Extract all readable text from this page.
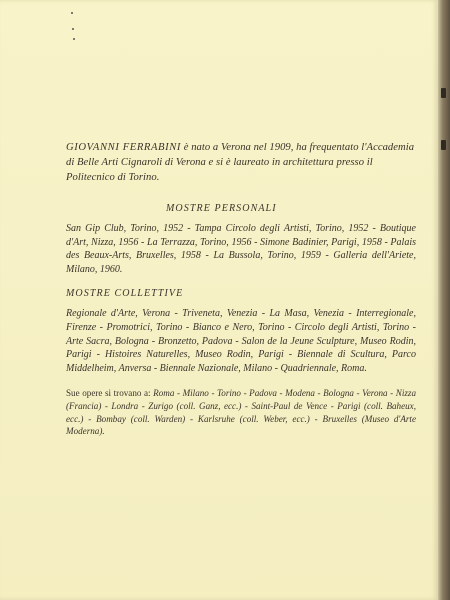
GIOVANNI FERRABINI è nato a Verona nel 1909, ha frequentato l'Accademia di Belle Arti Cignaroli di Verona e si è laureato in architettura presso il Politecnico di Torino.

MOSTRE PERSONALI

San Gip Club, Torino, 1952 - Tampa Circolo degli Artisti, Torino, 1952 - Boutique d'Art, Nizza, 1956 - La Terrazza, Torino, 1956 - Simone Badinier, Parigi, 1958 - Palais des Beaux-Arts, Bruxelles, 1958 - La Bussola, Torino, 1959 - Galleria dell'Ariete, Milano, 1960.

MOSTRE COLLETTIVE

Regionale d'Arte, Verona - Triveneta, Venezia - La Masa, Venezia - Interregionale, Firenze - Promotrici, Torino - Bianco e Nero, Torino - Circolo degli Artisti, Torino - Arte Sacra, Bologna - Bronzetto, Padova - Salon de la Jeune Sculpture, Museo Rodin, Parigi - Histoires Naturelles, Museo Rodin, Parigi - Biennale di Scultura, Parco Middelheim, Anversa - Biennale Nazionale, Milano - Quadriennale, Roma.

Sue opere si trovano a: Roma - Milano - Torino - Padova - Modena - Bologna - Verona - Nizza (Francia) - Londra - Zurigo (coll. Ganz, ecc.) - Saint-Paul de Vence - Parigi (coll. Baheux, ecc.) - Bombay (coll. Warden) - Karlsruhe (coll. Weber, ecc.) - Bruxelles (Museo d'Arte Moderna).
